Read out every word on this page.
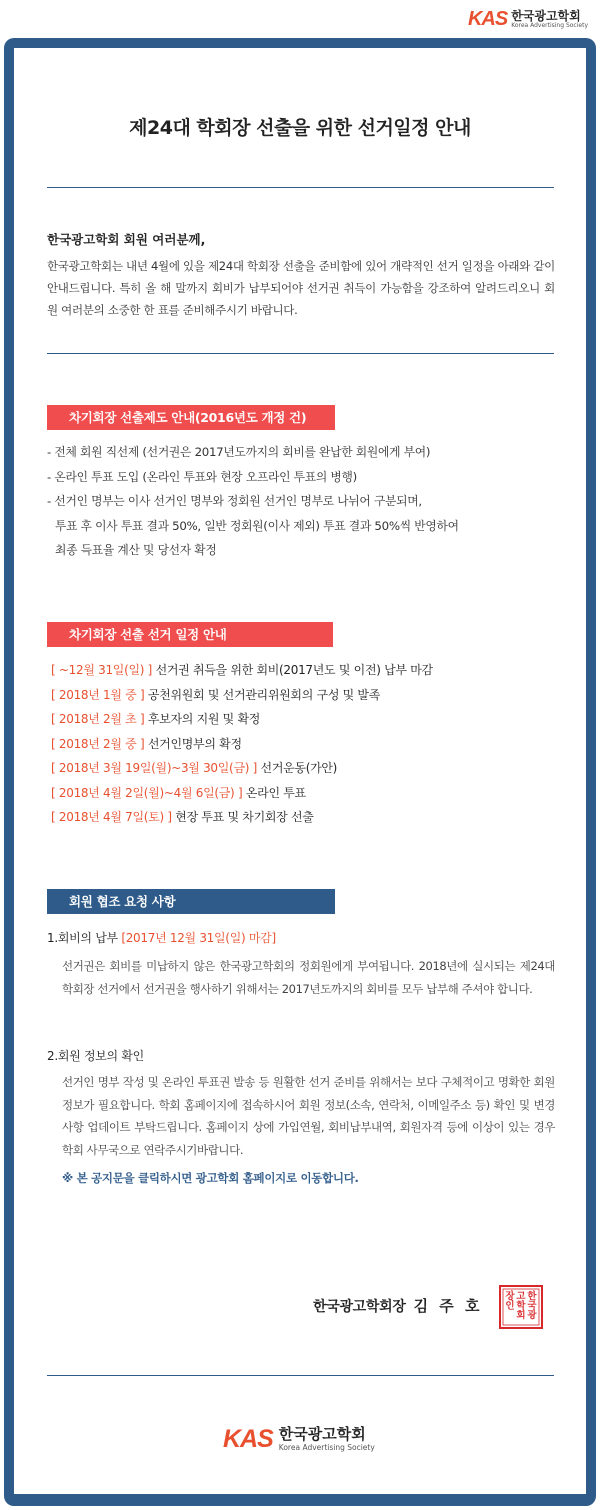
KAS 한국광고학회
Korea Advertising Society
제24대 학회장 선출을 위한 선거일정 안내
한국광고학회 회원 여러분께,

한국광고학회는 내년 4월에 있을 제24대 학회장 선출을 준비함에 있어 개략적인 선거 일정을 아래와 같이 안내드립니다. 특히 올 해 말까지 회비가 납부되어야 선거권 취득이 가능함을 강조하여 알려드리오니 회원 여러분의 소중한 한 표를 준비해주시기 바랍니다.

차기회장 선출제도 안내(2016년도 개정 건)
- 전체 회원 직선제 (선거권은 2017년도까지의 회비를 완납한 회원에게 부여)
- 온라인 투표 도입 (온라인 투표와 현장 오프라인 투표의 병행)
- 선거인 명부는 이사 선거인 명부와 정회원 선거인 명부로 나뉘어 구분되며,
투표 후 이사 투표 결과 50%, 일반 정회원(이사 제외) 투표 결과 50%씩 반영하여
최종 득표율 계산 및 당선자 확정
차기회장 선출 선거 일정 안내
[ ~12월 31일(일) ] 선거권 취득을 위한 회비(2017년도 및 이전) 납부 마감
[ 2018년 1월 중 ] 공천위원회 및 선거관리위원회의 구성 및 발족
[ 2018년 2월 초 ] 후보자의 지원 및 확정
[ 2018년 2월 중 ] 선거인명부의 확정
[ 2018년 3월 19일(월)~3월 30일(금) ] 선거운동(가안)
[ 2018년 4월 2일(월)~4월 6일(금) ] 온라인 투표
[ 2018년 4월 7일(토) ] 현장 투표 및 차기회장 선출
회원 협조 요청 사항
1.회비의 납부 [2017년 12월 31일(일) 마감]

선거권은 회비를 미납하지 않은 한국광고학회의 정회원에게 부여됩니다. 2018년에 실시되는 제24대 학회장 선거에서 선거권을 행사하기 위해서는 2017년도까지의 회비를 모두 납부해 주셔야 합니다.

2.회원 정보의 확인

선거인 명부 작성 및 온라인 투표권 발송 등 원활한 선거 준비를 위해서는 보다 구체적이고 명확한 회원정보가 필요합니다. 학회 홈페이지에 접속하시어 회원 정보(소속, 연락처, 이메일주소 등) 확인 및 변경사항 업데이트 부탁드립니다. 홈페이지 상에 가입연월, 회비납부내역, 회원자격 등에 이상이 있는 경우 학회 사무국으로 연락주시기바랍니다.

※ 본 공지문을 클릭하시면 광고학회 홈페이지로 이동합니다.
한국광고학회장 김 주 호
한
국
광
고
학
회
장
인
KAS 한국광고학회
Korea Advertising Society
